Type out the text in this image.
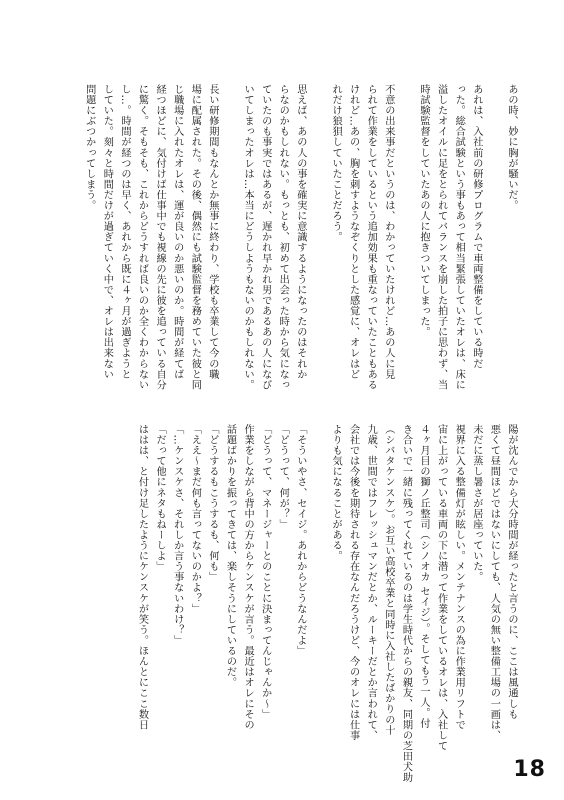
あの時、妙に胸が騒いだ。

あれは、入社前の研修プログラムで車両整備をしている時だ
った。総合試験という事もあって相当緊張していたオレは、床に
溢したオイルに足をとられてバランスを崩した拍子に思わず、当
時試験監督をしていたあの人に抱きついてしまった。

不意の出来事だというのは、わかっていたけれど…あの人に見
られて作業をしているという追加効果も重なっていたこともある
けれど…あの、胸を刺すようなぞくりとした感覚に、オレはど
れだけ狼狽していたことだろう。

思えば、あの人の事を確実に意識するようになったのはそれか
らなのかもしれない。もっとも、初めて出会った時から気になっ
ていたのも事実ではあるが、遅かれ早かれ男であるあの人になび
いてしまったオレは…本当にどうしようもないのかもしれない。

長い研修期間もなんとか無事に終わり、学校も卒業して今の職
場に配属された。その後、偶然にも試験監督を務めていた彼と同
じ職場に入れたオレは、運が良いのか悪いのか。時間が経てば
経つほどに、気付けば仕事中でも視線の先に彼を追っている自分
に驚く。そもそも、これからどうすれば良いのか全くわからない
し…。時間が経つのは早く、あれから既に４ヶ月が過ぎようと
していた。刻々と時間だけが過ぎていく中で、オレは出来ない
問題にぶつかってしまう。
陽が沈んでから大分時間が経ったと言うのに、ここは風通しも
悪くて昼間ほどではないにしても、人気の無い整備工場の一画は、
未だに蒸し暑さが居座っていた。
視界に入る整備灯が眩しい。メンテナンスの為に作業用リフトで
宙に上がっている車両の下に潜って作業をしているオレは、入社して
４ヶ月目の獅ノ丘整司（シノオカ セイジ）。そしてもう一人。付
き合いで一緒に残ってくれているのは学生時代からの親友、同期の芝田犬助
（シバタケンスケ）。お互い高校卒業と同時に入社したばかりの十
九歳、世間ではフレッシュマンだとか、ルーキーだとか言われて、
会社では今後を期待される存在なんだろうけど、今のオレには仕事
よりも気になることがある。

「そういやさ、セイジ。あれからどうなんだよ」
「どうって、何が？」
「どうって、マネージャーとのことに決まってんじゃんか～」
作業をしながら背中の方からケンスケが言う。最近はオレにその
話題ばかりを振ってきては、楽しそうにしているのだ。
「どうするもこうするも、何も」
「ええ～まだ何も言ってないのかよ？」
「…ケンスケさ、それしか言う事ないわけ？」
「だって他にネタもねーしよ」
ははは、と付け足したようにケンスケが笑う。ほんとにここ数日
18
